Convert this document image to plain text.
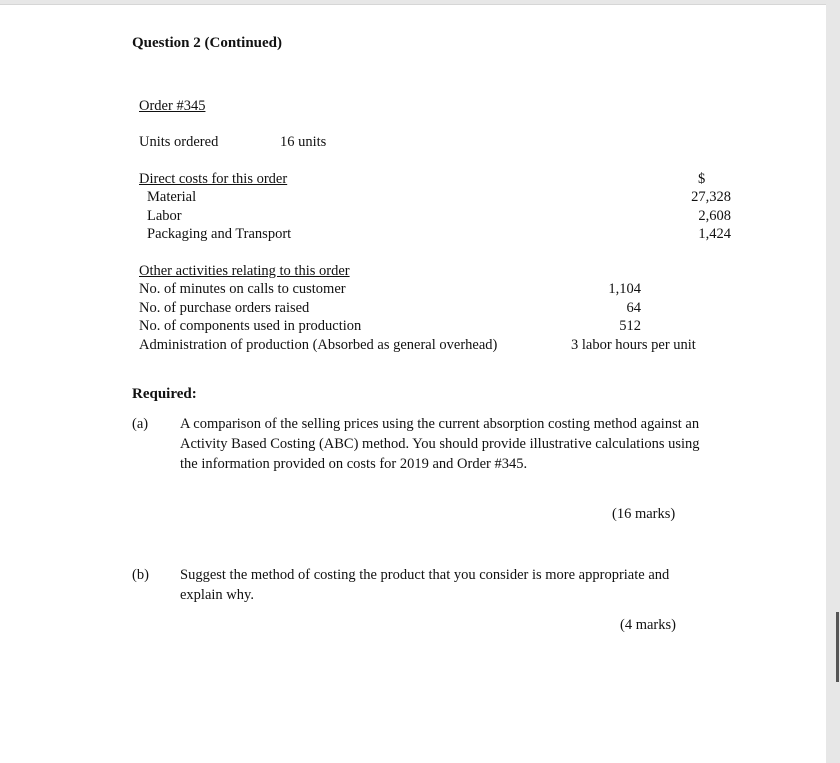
Question 2 (Continued)
Order #345
Units ordered	16 units
Direct costs for this order	$
Material	27,328
Labor	2,608
Packaging and Transport	1,424
Other activities relating to this order
No. of minutes on calls to customer	1,104
No. of purchase orders raised	64
No. of components used in production	512
Administration of production (Absorbed as general overhead)	3 labor hours per unit
Required:
(a) A comparison of the selling prices using the current absorption costing method against an Activity Based Costing (ABC) method. You should provide illustrative calculations using the information provided on costs for 2019 and Order #345.
(16 marks)
(b) Suggest the method of costing the product that you consider is more appropriate and explain why.
(4 marks)
